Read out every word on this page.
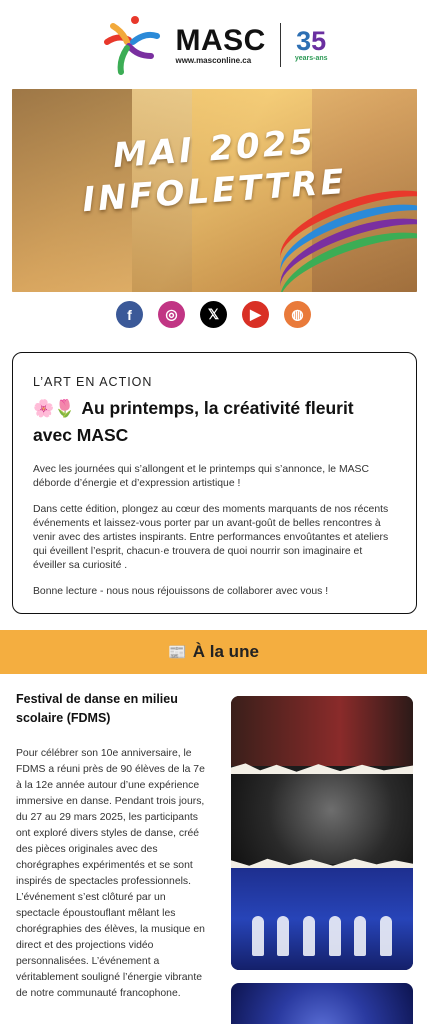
MASC
www.masconline.ca
35
years-ans
MAI 2025
INFOLETTRE
f	◎	𝕏	▶	◍
L’ART EN ACTION
🌸🌷 Au printemps, la créativité fleurit avec MASC

Avec les journées qui s’allongent et le printemps qui s’annonce, le MASC déborde d’énergie et d’expression artistique !

Dans cette édition, plongez au cœur des moments marquants de nos récents événements et laissez-vous porter par un avant-goût de belles rencontres à venir avec des artistes inspirants. Entre performances envoûtantes et ateliers qui éveillent l’esprit, chacun·e trouvera de quoi nourrir son imaginaire et éveiller sa curiosité .

Bonne lecture - nous nous réjouissons de collaborer avec vous !

📰 À la une
Festival de danse en milieu scolaire (FDMS)

Pour célébrer son 10e anniversaire, le FDMS a réuni près de 90 élèves de la 7e à la 12e année autour d’une expérience immersive en danse. Pendant trois jours, du 27 au 29 mars 2025, les participants ont exploré divers styles de danse, créé des pièces originales avec des chorégraphes expérimentés et se sont inspirés de spectacles professionnels. L’événement s’est clôturé par un spectacle époustouflant mêlant les chorégraphies des élèves, la musique en direct et des projections vidéo personnalisées. L’événement a véritablement souligné l’énergie vibrante de notre communauté francophone.
